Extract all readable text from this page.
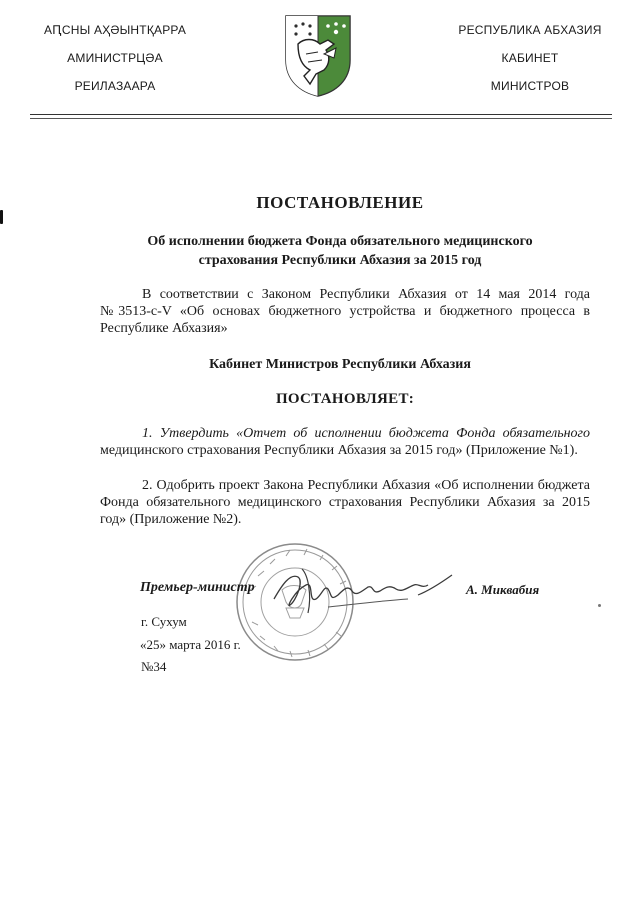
АԤСНЫ АҲӘЫНТҚАРРА
АМИНИСТРЦӘА
РЕИЛАЗААРА
РЕСПУБЛИКА АБХАЗИЯ
КАБИНЕТ
МИНИСТРОВ
ПОСТАНОВЛЕНИЕ
Об исполнении бюджета Фонда обязательного медицинского страхования Республики Абхазия за 2015 год
В соответствии с Законом Республики Абхазия от 14 мая 2014 года №3513-с-V «Об основах бюджетного устройства и бюджетного процесса в Республике Абхазия»
Кабинет Министров Республики Абхазия
ПОСТАНОВЛЯЕТ:
1. Утвердить «Отчет об исполнении бюджета Фонда обязательного медицинского страхования Республики Абхазия за 2015 год» (Приложение №1).
2. Одобрить проект Закона Республики Абхазия «Об исполнении бюджета Фонда обязательного медицинского страхования Республики Абхазия за 2015 год» (Приложение №2).
Премьер-министр	А. Миквабия
г. Сухум
«25» марта 2016 г.
№34
